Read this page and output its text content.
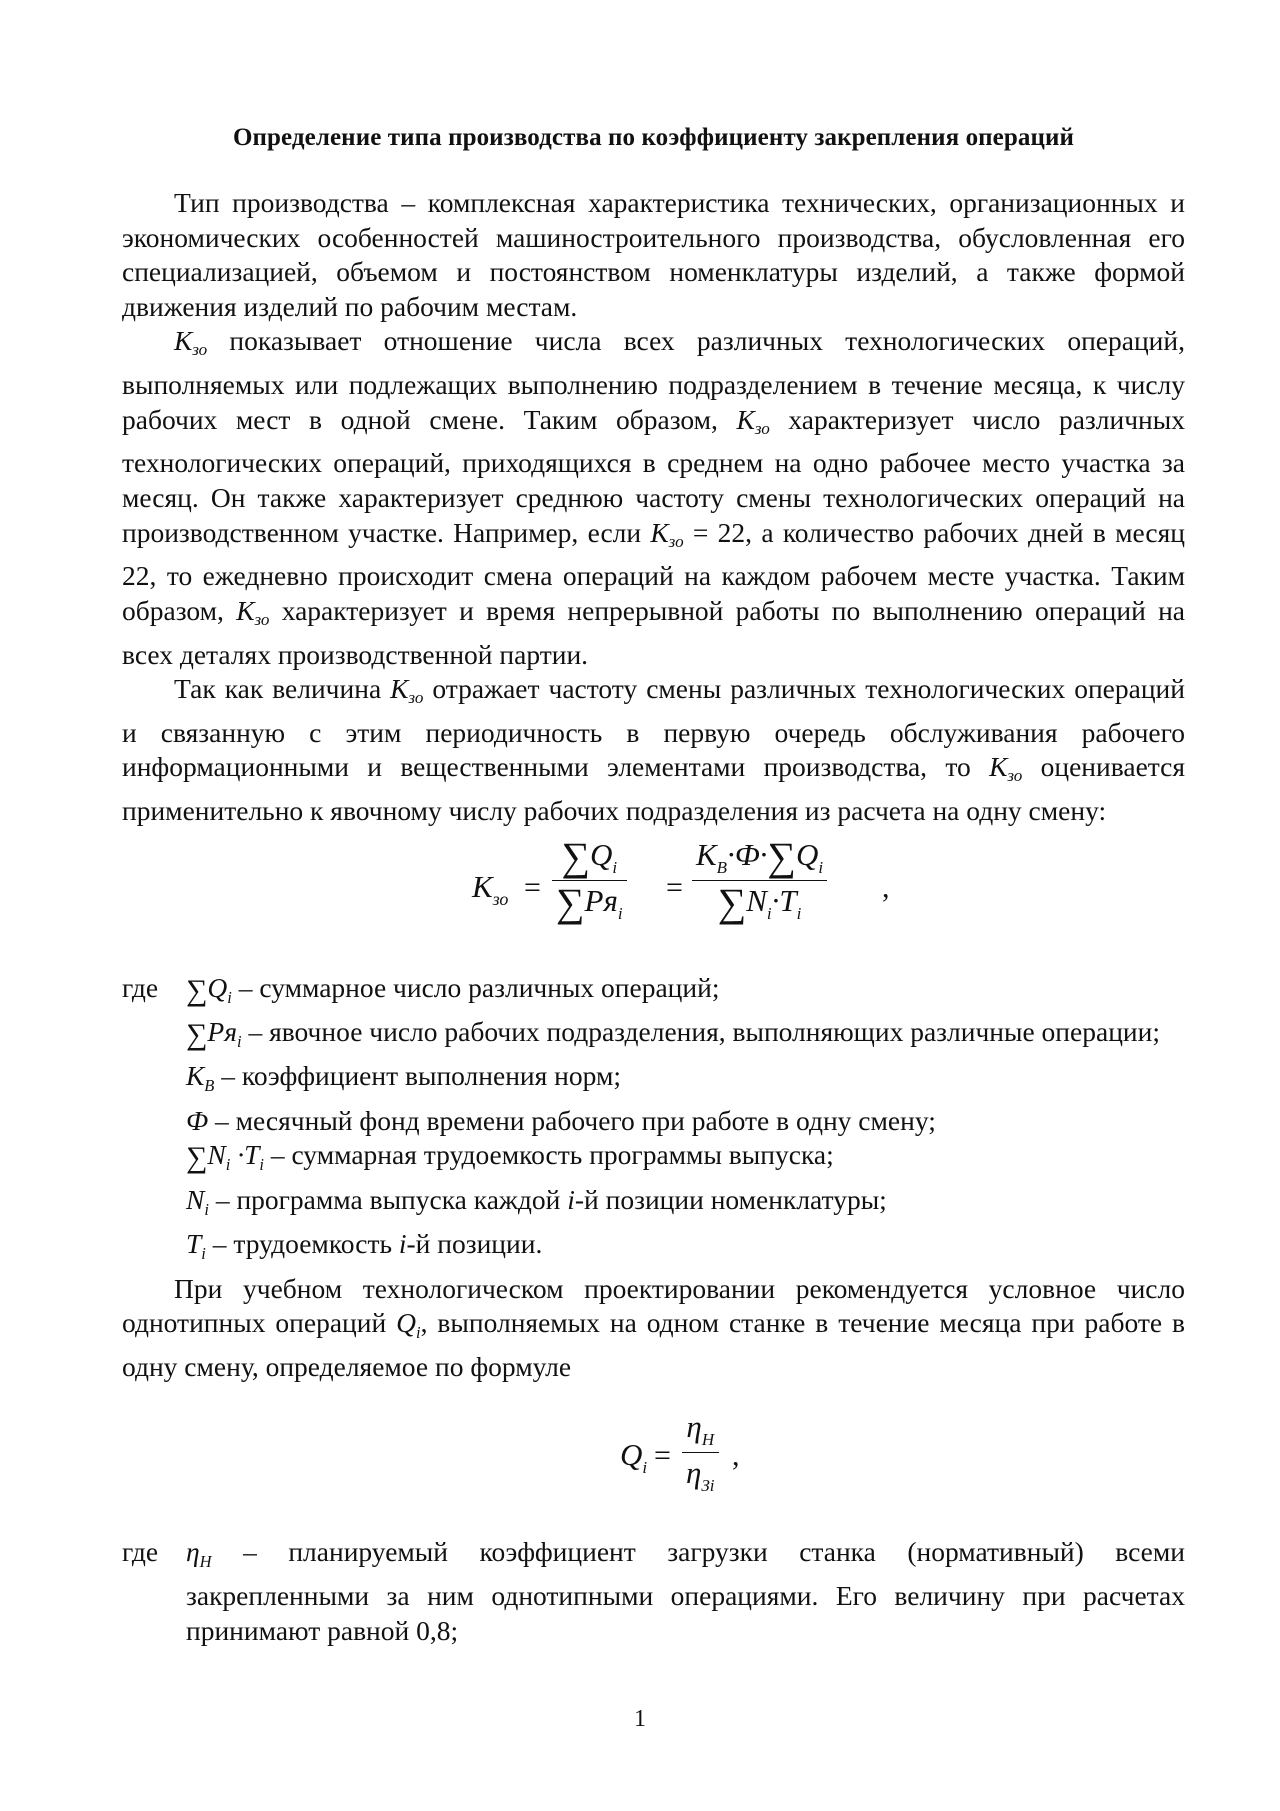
Определение типа производства по коэффициенту закрепления операций

Тип производства – комплексная характеристика технических, организационных и экономических особенностей машиностроительного производства, обусловленная его специализацией, объемом и постоянством номенклатуры изделий, а также формой движения изделий по рабочим местам.

$К_{зо}$ показывает отношение числа всех различных технологических операций, выполняемых или подлежащих выполнению подразделением в течение месяца, к числу рабочих мест в одной смене. Таким образом, $К_{зо}$ характеризует число различных технологических операций, приходящихся в среднем на одно рабочее место участка за месяц. Он также характеризует среднюю частоту смены технологических операций на производственном участке. Например, если $К_{зо} = 22$, а количество рабочих дней в месяц 22, то ежедневно происходит смена операций на каждом рабочем месте участка. Таким образом, $К_{зо}$ характеризует и время непрерывной работы по выполнению операций на всех деталях производственной партии.

Так как величина $К_{зо}$ отражает частоту смены различных технологических операций и связанную с этим периодичность в первую очередь обслуживания рабочего информационными и вещественными элементами производства, то $К_{зо}$ оценивается применительно к явочному числу рабочих подразделения из расчета на одну смену:

$К_{зо}$ =
$\sum Q_i$
$\sum Pя_i$
=
$К_В\cdot Ф\cdot\sum Q_i$
$\sum N_i\cdot T_i$
,
где $\sum Q_i$ – суммарное число различных операций;

$\sum Pя_i$ – явочное число рабочих подразделения, выполняющих различные операции;

$К_В$ – коэффициент выполнения норм;

Ф – месячный фонд времени рабочего при работе в одну смену;

$\sum N_i \cdot T_i$ – суммарная трудоемкость программы выпуска;

$N_i$ – программа выпуска каждой i-й позиции номенклатуры;

$T_i$ – трудоемкость i-й позиции.

При учебном технологическом проектировании рекомендуется условное число однотипных операций $Q_i$, выполняемых на одном станке в течение месяца при работе в одну смену, определяемое по формуле

$Q_i$ =
$\eta_Н$
$\eta_{Зi}$
,
где $\eta_Н$ – планируемый коэффициент загрузки станка (нормативный) всеми закрепленными за ним однотипными операциями. Его величину при расчетах принимают равной 0,8;

1
